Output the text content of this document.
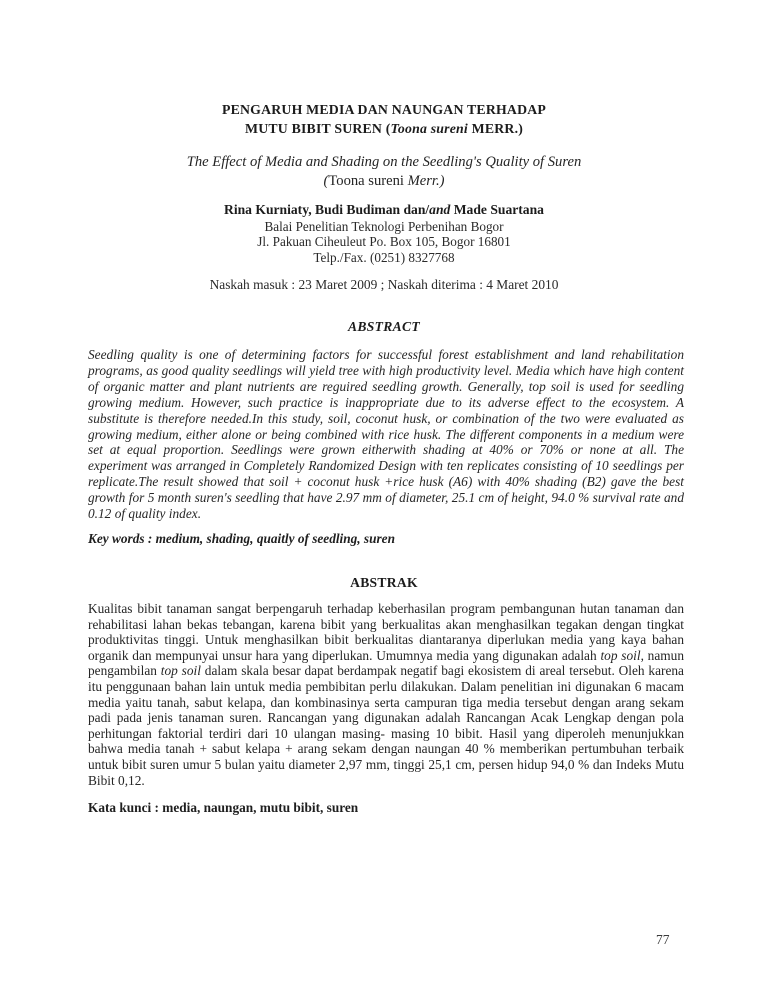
PENGARUH MEDIA DAN NAUNGAN TERHADAP
MUTU BIBIT SUREN (Toona sureni MERR.)
The Effect of Media and Shading on the Seedling's Quality of Suren
(Toona sureni Merr.)
Rina Kurniaty, Budi Budiman dan/and Made Suartana
Balai Penelitian Teknologi Perbenihan Bogor
Jl. Pakuan Ciheuleut Po. Box 105, Bogor 16801
Telp./Fax. (0251) 8327768
Naskah masuk : 23 Maret 2009 ; Naskah diterima : 4 Maret 2010
ABSTRACT
Seedling quality is one of determining factors for successful forest establishment and land rehabilitation programs, as good quality seedlings will yield tree with high productivity level. Media which have high content of organic matter and plant nutrients are reguired seedling growth. Generally, top soil is used for seedling growing medium. However, such practice is inappropriate due to its adverse effect to the ecosystem. A substitute is therefore needed.In this study, soil, coconut husk, or combination of the two were evaluated as growing medium, either alone or being combined with rice husk. The different components in a medium were set at equal proportion. Seedlings were grown eitherwith shading at 40% or 70% or none at all. The experiment was arranged in Completely Randomized Design with ten replicates consisting of 10 seedlings per replicate.The result showed that soil + coconut husk +rice husk (A6) with 40% shading (B2) gave the best growth for 5 month suren's seedling that have 2.97 mm of diameter, 25.1 cm of height, 94.0 % survival rate and 0.12 of quality index.
Key words : medium, shading, quaitly of seedling, suren
ABSTRAK
Kualitas bibit tanaman sangat berpengaruh terhadap keberhasilan program pembangunan hutan tanaman dan rehabilitasi lahan bekas tebangan, karena bibit yang berkualitas akan menghasilkan tegakan dengan tingkat produktivitas tinggi. Untuk menghasilkan bibit berkualitas diantaranya diperlukan media yang kaya bahan organik dan mempunyai unsur hara yang diperlukan. Umumnya media yang digunakan adalah top soil, namun pengambilan top soil dalam skala besar dapat berdampak negatif bagi ekosistem di areal tersebut. Oleh karena itu penggunaan bahan lain untuk media pembibitan perlu dilakukan. Dalam penelitian ini digunakan 6 macam media yaitu tanah, sabut kelapa, dan kombinasinya serta campuran tiga media tersebut dengan arang sekam padi pada jenis tanaman suren. Rancangan yang digunakan adalah Rancangan Acak Lengkap dengan pola perhitungan faktorial terdiri dari 10 ulangan masing- masing 10 bibit. Hasil yang diperoleh menunjukkan bahwa media tanah + sabut kelapa + arang sekam dengan naungan 40 % memberikan pertumbuhan terbaik untuk bibit suren umur 5 bulan yaitu diameter 2,97 mm, tinggi 25,1 cm, persen hidup 94,0 % dan Indeks Mutu Bibit 0,12.
Kata kunci : media, naungan, mutu bibit, suren
77
